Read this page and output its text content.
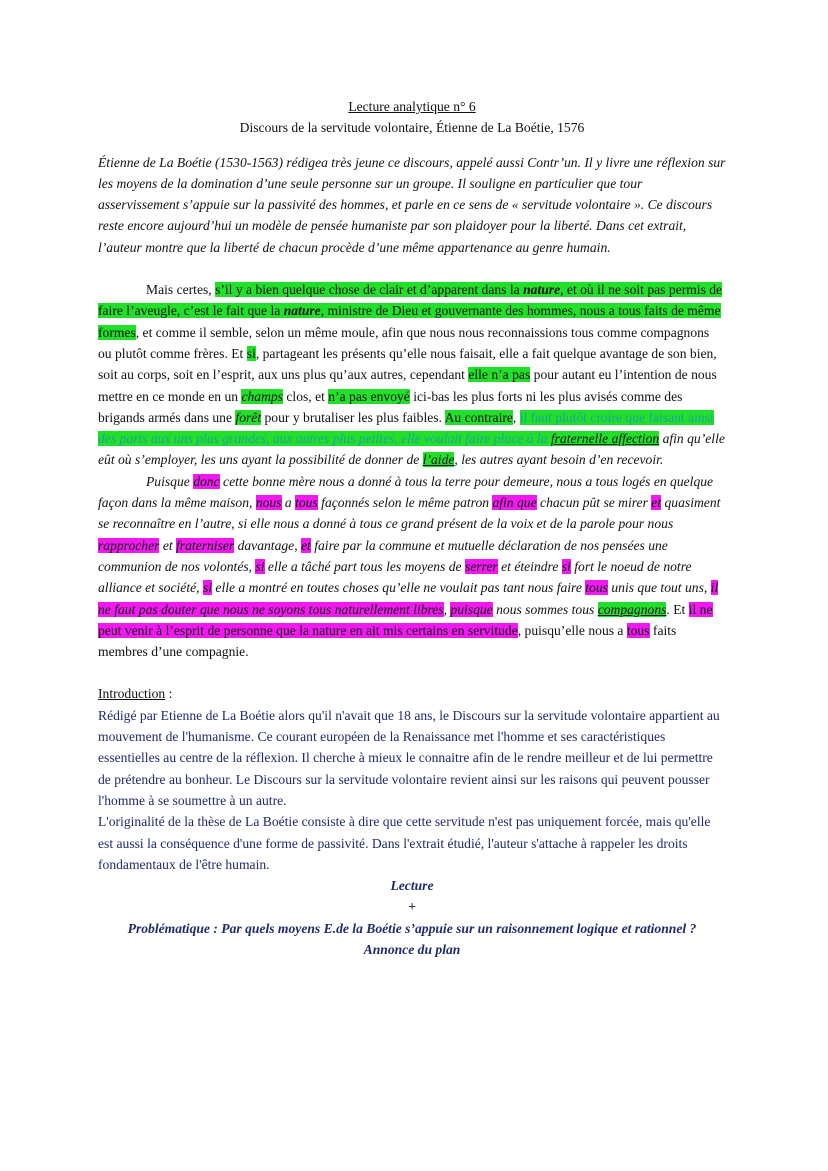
Lecture analytique n° 6

Discours de la servitude volontaire, Étienne de La Boétie, 1576

Étienne de La Boétie (1530-1563) rédigea très jeune ce discours, appelé aussi Contr’un. Il y livre une réflexion sur les moyens de la domination d’une seule personne sur un groupe. Il souligne en particulier que tour asservissement s’appuie sur la passivité des hommes, et parle en ce sens de « servitude volontaire ». Ce discours reste encore aujourd’hui un modèle de pensée humaniste par son plaidoyer pour la liberté. Dans cet extrait, l’auteur montre que la liberté de chacun procède d’une même appartenance au genre humain.

Mais certes, s’il y a bien quelque chose de clair et d’apparent dans la nature, et où il ne soit pas permis de faire l’aveugle, c’est le fait que la nature, ministre de Dieu et gouvernante des hommes, nous a tous faits de même formes, et comme il semble, selon un même moule, afin que nous nous reconnaissions tous comme compagnons ou plutôt comme frères. Et si, partageant les présents qu’elle nous faisait, elle a fait quelque avantage de son bien, soit au corps, soit en l’esprit, aux uns plus qu’aux autres, cependant elle n’a pas pour autant eu l’intention de nous mettre en ce monde en un champs clos, et n’a pas envoyé ici-bas les plus forts ni les plus avisés comme des brigands armés dans une forêt pour y brutaliser les plus faibles. Au contraire, il faut plutôt croire que faisant ainsi des parts aux uns plus grandes, aux autres plus petites, elle voulait faire place à la fraternelle affection afin qu’elle eût où s’employer, les uns ayant la possibilité de donner de l’aide, les autres ayant besoin d’en recevoir.

Puisque donc cette bonne mère nous a donné à tous la terre pour demeure, nous a tous logés en quelque façon dans la même maison, nous a tous façonnés selon le même patron afin que chacun pût se mirer et quasiment se reconnaître en l’autre, si elle nous a donné à tous ce grand présent de la voix et de la parole pour nous rapprocher et fraterniser davantage, et faire par la commune et mutuelle déclaration de nos pensées une communion de nos volontés, si elle a tâché part tous les moyens de serrer et éteindre si fort le noeud de notre alliance et société, si elle a montré en toutes choses qu’elle ne voulait pas tant nous faire tous unis que tout uns, il ne faut pas douter que nous ne soyons tous naturellement libres, puisque nous sommes tous compagnons. Et il ne peut venir à l’esprit de personne que la nature en ait mis certains en servitude, puisqu’elle nous a tous faits membres d’une compagnie.

Introduction :

Rédigé par Etienne de La Boétie alors qu'il n'avait que 18 ans, le Discours sur la servitude volontaire appartient au mouvement de l'humanisme. Ce courant européen de la Renaissance met l'homme et ses caractéristiques essentielles au centre de la réflexion. Il cherche à mieux le connaitre afin de le rendre meilleur et de lui permettre de prétendre au bonheur. Le Discours sur la servitude volontaire revient ainsi sur les raisons qui peuvent pousser l'homme à se soumettre à un autre.

L'originalité de la thèse de La Boétie consiste à dire que cette servitude n'est pas uniquement forcée, mais qu'elle est aussi la conséquence d'une forme de passivité. Dans l'extrait étudié, l'auteur s'attache à rappeler les droits fondamentaux de l'être humain.

Lecture

+

Problématique : Par quels moyens E.de la Boétie s’appuie sur un raisonnement logique et rationnel ?

Annonce du plan
